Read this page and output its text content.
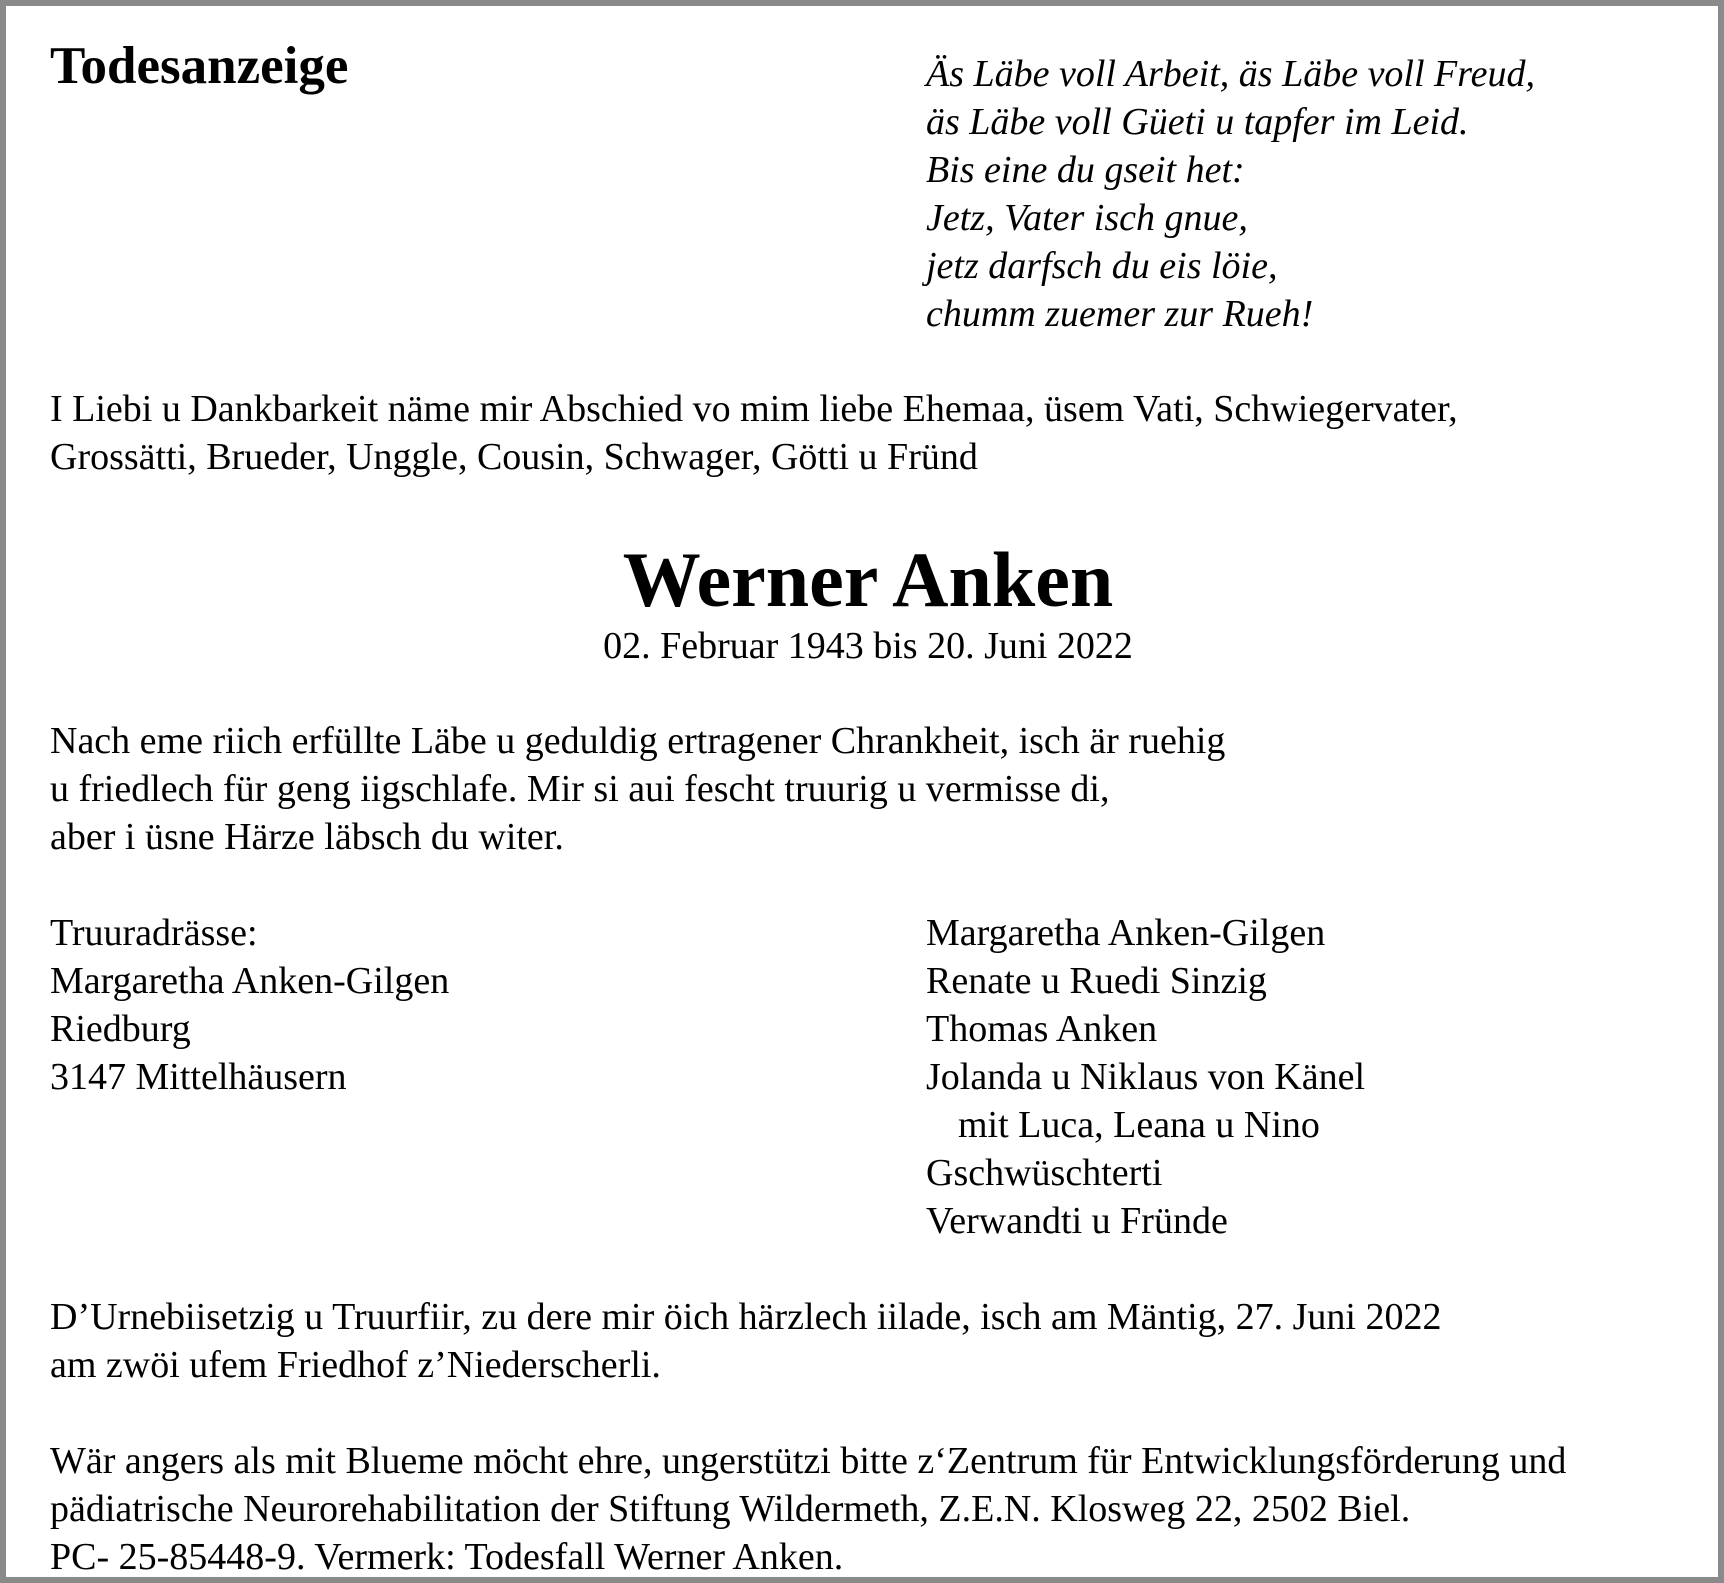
Todesanzeige	Äs Läbe voll Arbeit, äs Läbe voll Freud,
äs Läbe voll Güeti u tapfer im Leid.
Bis eine du gseit het:
Jetz, Vater isch gnue,
jetz darfsch du eis löie,
chumm zuemer zur Rueh!
I Liebi u Dankbarkeit näme mir Abschied vo mim liebe Ehemaa, üsem Vati, Schwiegervater,
Grossätti, Brueder, Unggle, Cousin, Schwager, Götti u Fründ
Werner Anken
02. Februar 1943 bis 20. Juni 2022
Nach eme riich erfüllte Läbe u geduldig ertragener Chrankheit, isch är ruehig
u friedlech für geng iigschlafe. Mir si aui fescht truurig u vermisse di,
aber i üsne Härze läbsch du witer.
Truuradrässe:
Margaretha Anken-Gilgen
Riedburg
3147 Mittelhäusern
Margaretha Anken-Gilgen
Renate u Ruedi Sinzig
Thomas Anken
Jolanda u Niklaus von Känel
mit Luca, Leana u Nino
Gschwüschterti
Verwandti u Fründe
D’Urnebiisetzig u Truurfiir, zu dere mir öich härzlech iilade, isch am Mäntig, 27. Juni 2022
am zwöi ufem Friedhof z’Niederscherli.
Wär angers als mit Blueme möcht ehre, ungerstützi bitte z‘Zentrum für Entwicklungsförderung und
pädiatrische Neurorehabilitation der Stiftung Wildermeth, Z.E.N. Klosweg 22, 2502 Biel.
PC- 25-85448-9. Vermerk: Todesfall Werner Anken.
